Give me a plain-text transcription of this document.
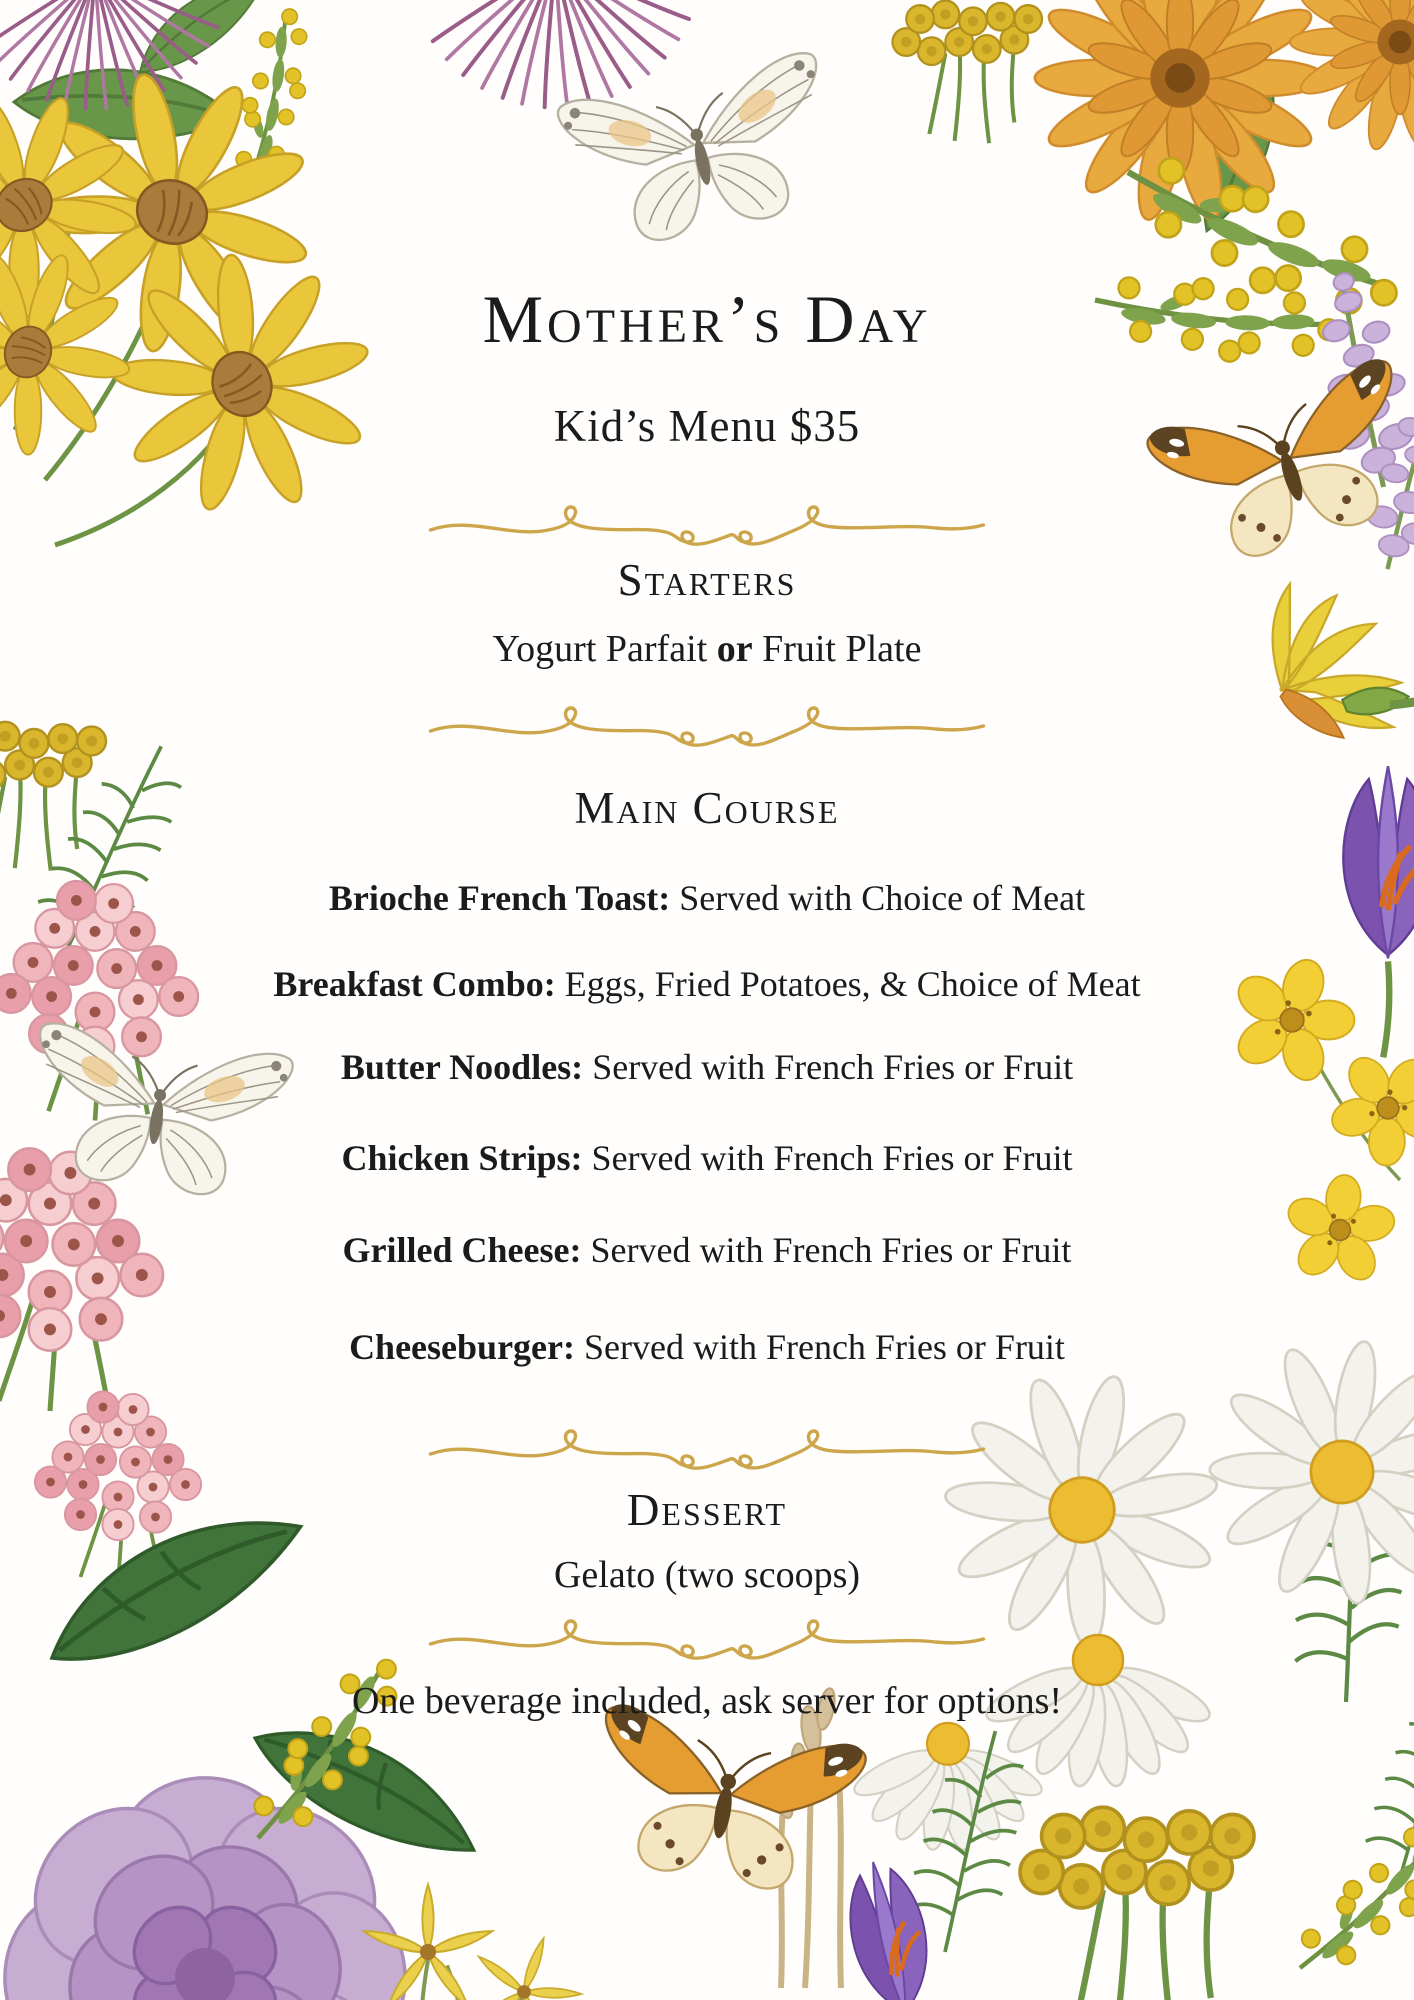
Mother’s Day
Kid’s Menu $35
Starters
Yogurt Parfait or Fruit Plate
Main Course
Brioche French Toast: Served with Choice of Meat
Breakfast Combo: Eggs, Fried Potatoes, & Choice of Meat
Butter Noodles: Served with French Fries or Fruit
Chicken Strips: Served with French Fries or Fruit
Grilled Cheese: Served with French Fries or Fruit
Cheeseburger: Served with French Fries or Fruit
Dessert
Gelato (two scoops)
One beverage included, ask server for options!
